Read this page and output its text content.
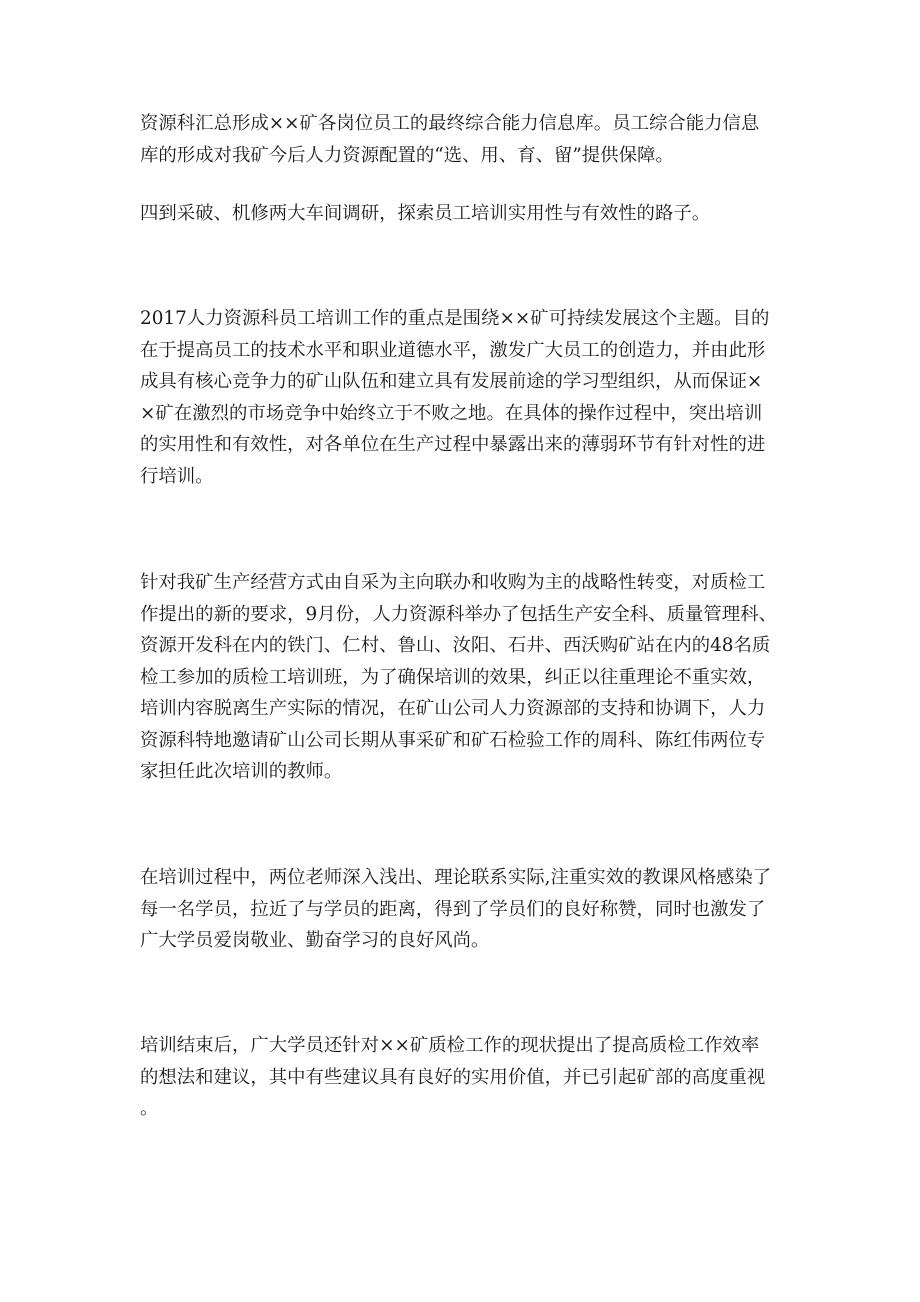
资源科汇总形成××矿各岗位员工的最终综合能力信息库。员工综合能力信息
库的形成对我矿今后人力资源配置的“选、用、育、留”提供保障。

四到采破、机修两大车间调研，探索员工培训实用性与有效性的路子。

2017人力资源科员工培训工作的重点是围绕××矿可持续发展这个主题。目的
在于提高员工的技术水平和职业道德水平，激发广大员工的创造力，并由此形
成具有核心竞争力的矿山队伍和建立具有发展前途的学习型组织，从而保证×
×矿在激烈的市场竞争中始终立于不败之地。在具体的操作过程中，突出培训
的实用性和有效性，对各单位在生产过程中暴露出来的薄弱环节有针对性的进
行培训。

针对我矿生产经营方式由自采为主向联办和收购为主的战略性转变，对质检工
作提出的新的要求，9月份，人力资源科举办了包括生产安全科、质量管理科、
资源开发科在内的铁门、仁村、鲁山、汝阳、石井、西沃购矿站在内的48名质
检工参加的质检工培训班，为了确保培训的效果，纠正以往重理论不重实效，
培训内容脱离生产实际的情况，在矿山公司人力资源部的支持和协调下，人力
资源科特地邀请矿山公司长期从事采矿和矿石检验工作的周科、陈红伟两位专
家担任此次培训的教师。

在培训过程中，两位老师深入浅出、理论联系实际,注重实效的教课风格感染了
每一名学员，拉近了与学员的距离，得到了学员们的良好称赞，同时也激发了
广大学员爱岗敬业、勤奋学习的良好风尚。

培训结束后，广大学员还针对××矿质检工作的现状提出了提高质检工作效率
的想法和建议，其中有些建议具有良好的实用价值，并已引起矿部的高度重视
。
